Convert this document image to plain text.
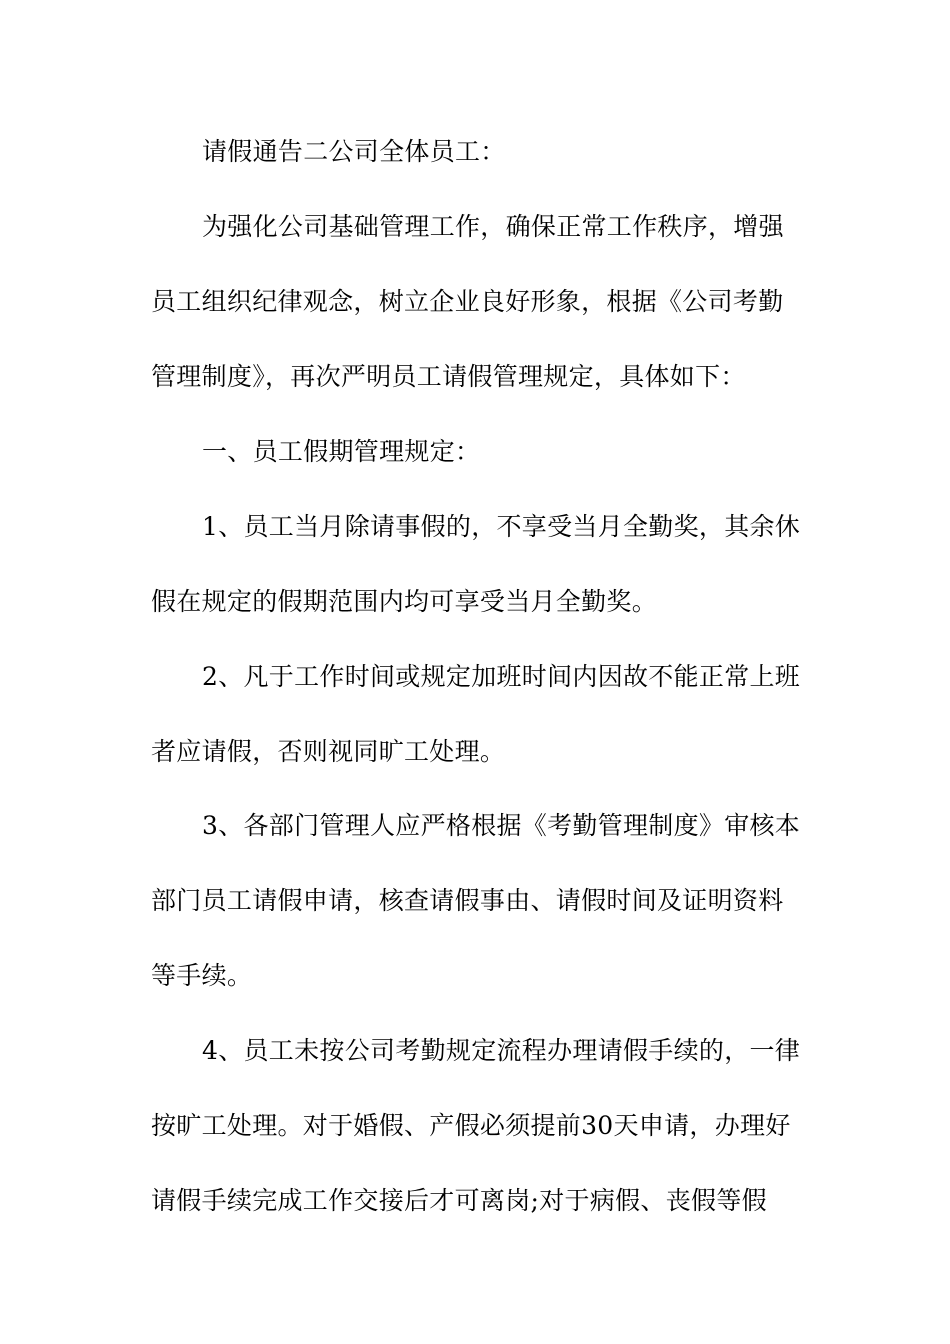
请假通告二公司全体员工：
为强化公司基础管理工作，确保正常工作秩序，增强
员工组织纪律观念，树立企业良好形象，根据《公司考勤
管理制度》，再次严明员工请假管理规定，具体如下：
一、员工假期管理规定：
1、员工当月除请事假的，不享受当月全勤奖，其余休
假在规定的假期范围内均可享受当月全勤奖。
2、凡于工作时间或规定加班时间内因故不能正常上班
者应请假，否则视同旷工处理。
3、各部门管理人应严格根据《考勤管理制度》审核本
部门员工请假申请，核查请假事由、请假时间及证明资料
等手续。
4、员工未按公司考勤规定流程办理请假手续的，一律
按旷工处理。对于婚假、产假必须提前30天申请，办理好
请假手续完成工作交接后才可离岗;对于病假、丧假等假
